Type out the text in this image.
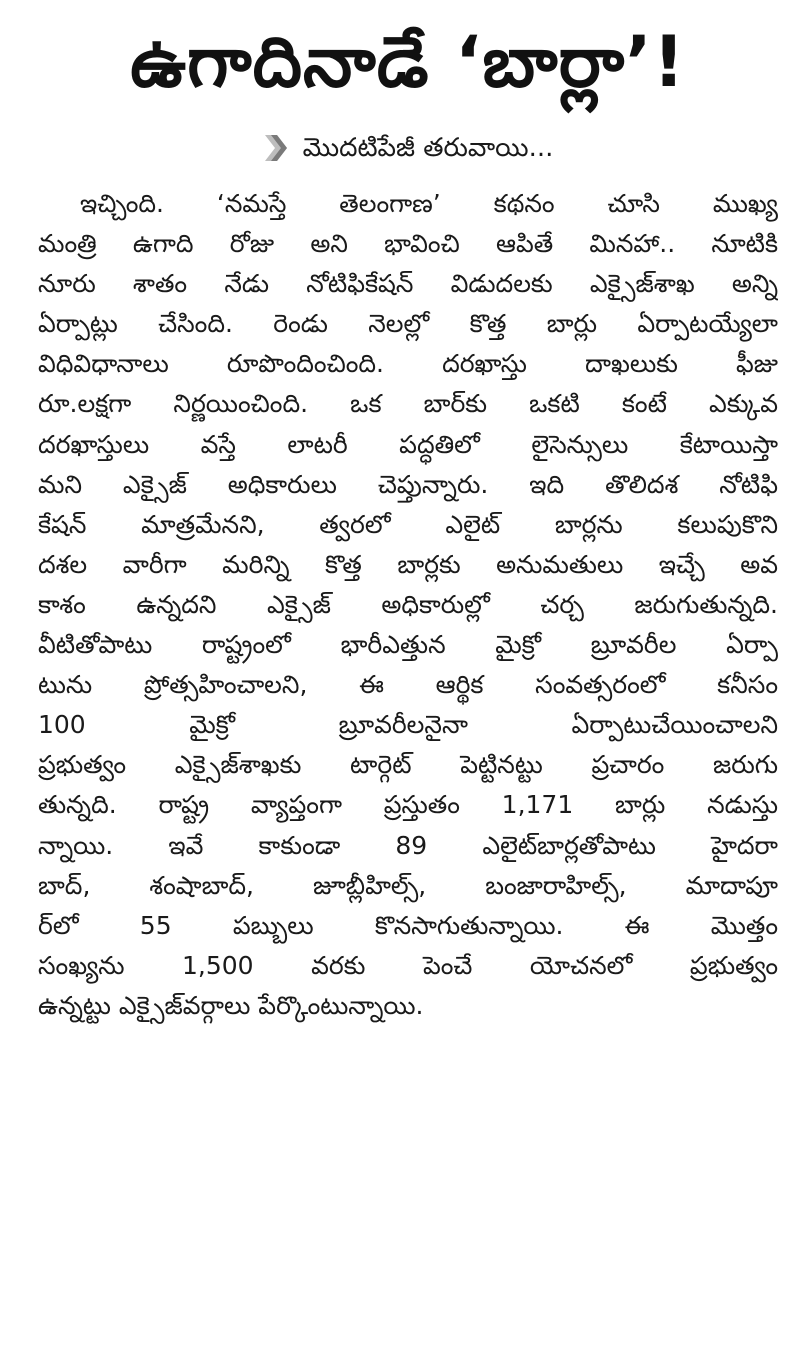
ఉగాదినాడే ‘బార్లా’!
మొదటిపేజీ తరువాయి...
ఇచ్చింది. ‘నమస్తే తెలంగాణ’ కథనం చూసి ముఖ్య
మంత్రి ఉగాది రోజు అని భావించి ఆపితే మినహా.. నూటికి
నూరు శాతం నేడు నోటిఫికేషన్ విడుదలకు ఎక్సైజ్‌శాఖ అన్ని
ఏర్పాట్లు చేసింది. రెండు నెలల్లో కొత్త బార్లు ఏర్పాటయ్యేలా
విధివిధానాలు రూపొందించింది. దరఖాస్తు దాఖలుకు ఫీజు
రూ.లక్షగా నిర్ణయించింది. ఒక బార్‌కు ఒకటి కంటే ఎక్కువ
దరఖాస్తులు వస్తే లాటరీ పద్ధతిలో లైసెన్సులు కేటాయిస్తా
మని ఎక్సైజ్ అధికారులు చెప్తున్నారు. ఇది తొలిదశ నోటిఫి
కేషన్ మాత్రమేనని, త్వరలో ఎలైట్ బార్లను కలుపుకొని
దశల వారీగా మరిన్ని కొత్త బార్లకు అనుమతులు ఇచ్చే అవ
కాశం ఉన్నదని ఎక్సైజ్ అధికారుల్లో చర్చ జరుగుతున్నది.
వీటితోపాటు రాష్ట్రంలో భారీఎత్తున మైక్రో బ్రూవరీల ఏర్పా
టును ప్రోత్సహించాలని, ఈ ఆర్థిక సంవత్సరంలో కనీసం
100 మైక్రో బ్రూవరీలనైనా ఏర్పాటుచేయించాలని
ప్రభుత్వం ఎక్సైజ్‌శాఖకు టార్గెట్ పెట్టినట్టు ప్రచారం జరుగు
తున్నది. రాష్ట్ర వ్యాప్తంగా ప్రస్తుతం 1,171 బార్లు నడుస్తు
న్నాయి. ఇవే కాకుండా 89 ఎలైట్‌బార్లతోపాటు హైదరా
బాద్, శంషాబాద్, జూబ్లీహిల్స్, బంజారాహిల్స్, మాదాపూ
ర్‌లో 55 పబ్బులు కొనసాగుతున్నాయి. ఈ మొత్తం
సంఖ్యను 1,500 వరకు పెంచే యోచనలో ప్రభుత్వం
ఉన్నట్టు ఎక్సైజ్‌వర్గాలు పేర్కొంటున్నాయి.
